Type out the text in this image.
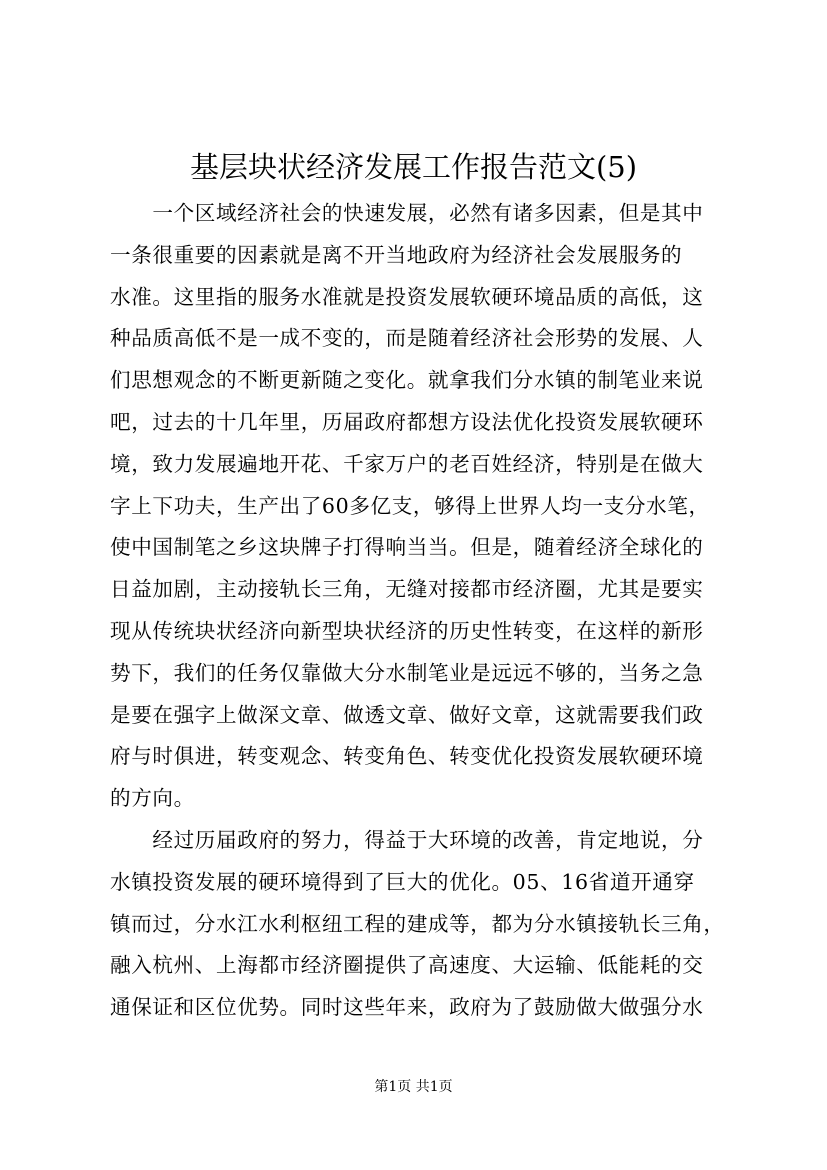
基层块状经济发展工作报告范文(5)
　　一个区域经济社会的快速发展，必然有诸多因素，但是其中
一条很重要的因素就是离不开当地政府为经济社会发展服务的
水准。这里指的服务水准就是投资发展软硬环境品质的高低，这
种品质高低不是一成不变的，而是随着经济社会形势的发展、人
们思想观念的不断更新随之变化。就拿我们分水镇的制笔业来说
吧，过去的十几年里，历届政府都想方设法优化投资发展软硬环
境，致力发展遍地开花、千家万户的老百姓经济，特别是在做大
字上下功夫，生产出了60多亿支，够得上世界人均一支分水笔，
使中国制笔之乡这块牌子打得响当当。但是，随着经济全球化的
日益加剧，主动接轨长三角，无缝对接都市经济圈，尤其是要实
现从传统块状经济向新型块状经济的历史性转变，在这样的新形
势下，我们的任务仅靠做大分水制笔业是远远不够的，当务之急
是要在强字上做深文章、做透文章、做好文章，这就需要我们政
府与时俱进，转变观念、转变角色、转变优化投资发展软硬环境
的方向。
　　经过历届政府的努力，得益于大环境的改善，肯定地说，分
水镇投资发展的硬环境得到了巨大的优化。05、16省道开通穿
镇而过，分水江水利枢纽工程的建成等，都为分水镇接轨长三角，
融入杭州、上海都市经济圈提供了高速度、大运输、低能耗的交
通保证和区位优势。同时这些年来，政府为了鼓励做大做强分水
第1页 共1页
